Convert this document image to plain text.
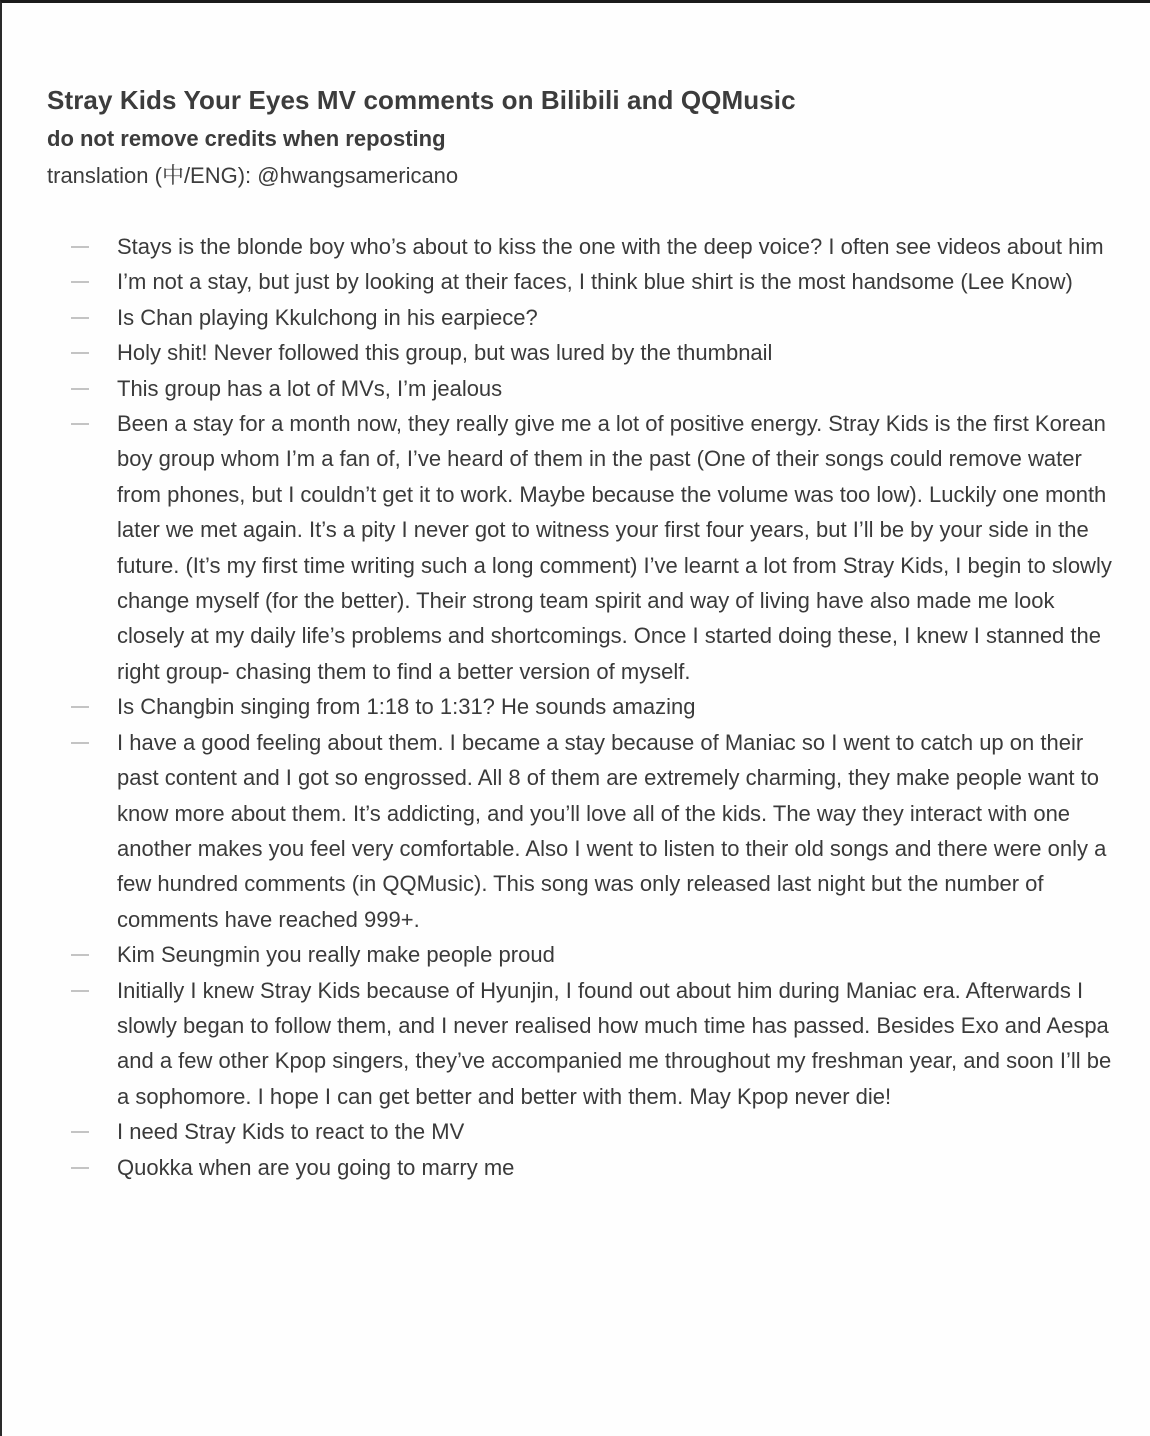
Stray Kids Your Eyes MV comments on Bilibili and QQMusic

do not remove credits when reposting

translation (中/ENG): @hwangsamericano

Stays is the blonde boy who’s about to kiss the one with the deep voice? I often see videos about him
I’m not a stay, but just by looking at their faces, I think blue shirt is the most handsome (Lee Know)
Is Chan playing Kkulchong in his earpiece?
Holy shit! Never followed this group, but was lured by the thumbnail
This group has a lot of MVs, I’m jealous
Been a stay for a month now, they really give me a lot of positive energy. Stray Kids is the first Korean boy group whom I’m a fan of, I’ve heard of them in the past (One of their songs could remove water from phones, but I couldn’t get it to work. Maybe because the volume was too low). Luckily one month later we met again. It’s a pity I never got to witness your first four years, but I’ll be by your side in the future. (It’s my first time writing such a long comment) I’ve learnt a lot from Stray Kids, I begin to slowly change myself (for the better). Their strong team spirit and way of living have also made me look closely at my daily life’s problems and shortcomings. Once I started doing these, I knew I stanned the right group- chasing them to find a better version of myself.
Is Changbin singing from 1:18 to 1:31? He sounds amazing
I have a good feeling about them. I became a stay because of Maniac so I went to catch up on their past content and I got so engrossed. All 8 of them are extremely charming, they make people want to know more about them. It’s addicting, and you’ll love all of the kids. The way they interact with one another makes you feel very comfortable. Also I went to listen to their old songs and there were only a few hundred comments (in QQMusic). This song was only released last night but the number of comments have reached 999+.
Kim Seungmin you really make people proud
Initially I knew Stray Kids because of Hyunjin, I found out about him during Maniac era. Afterwards I slowly began to follow them, and I never realised how much time has passed. Besides Exo and Aespa and a few other Kpop singers, they’ve accompanied me throughout my freshman year, and soon I’ll be a sophomore. I hope I can get better and better with them. May Kpop never die!
I need Stray Kids to react to the MV
Quokka when are you going to marry me
